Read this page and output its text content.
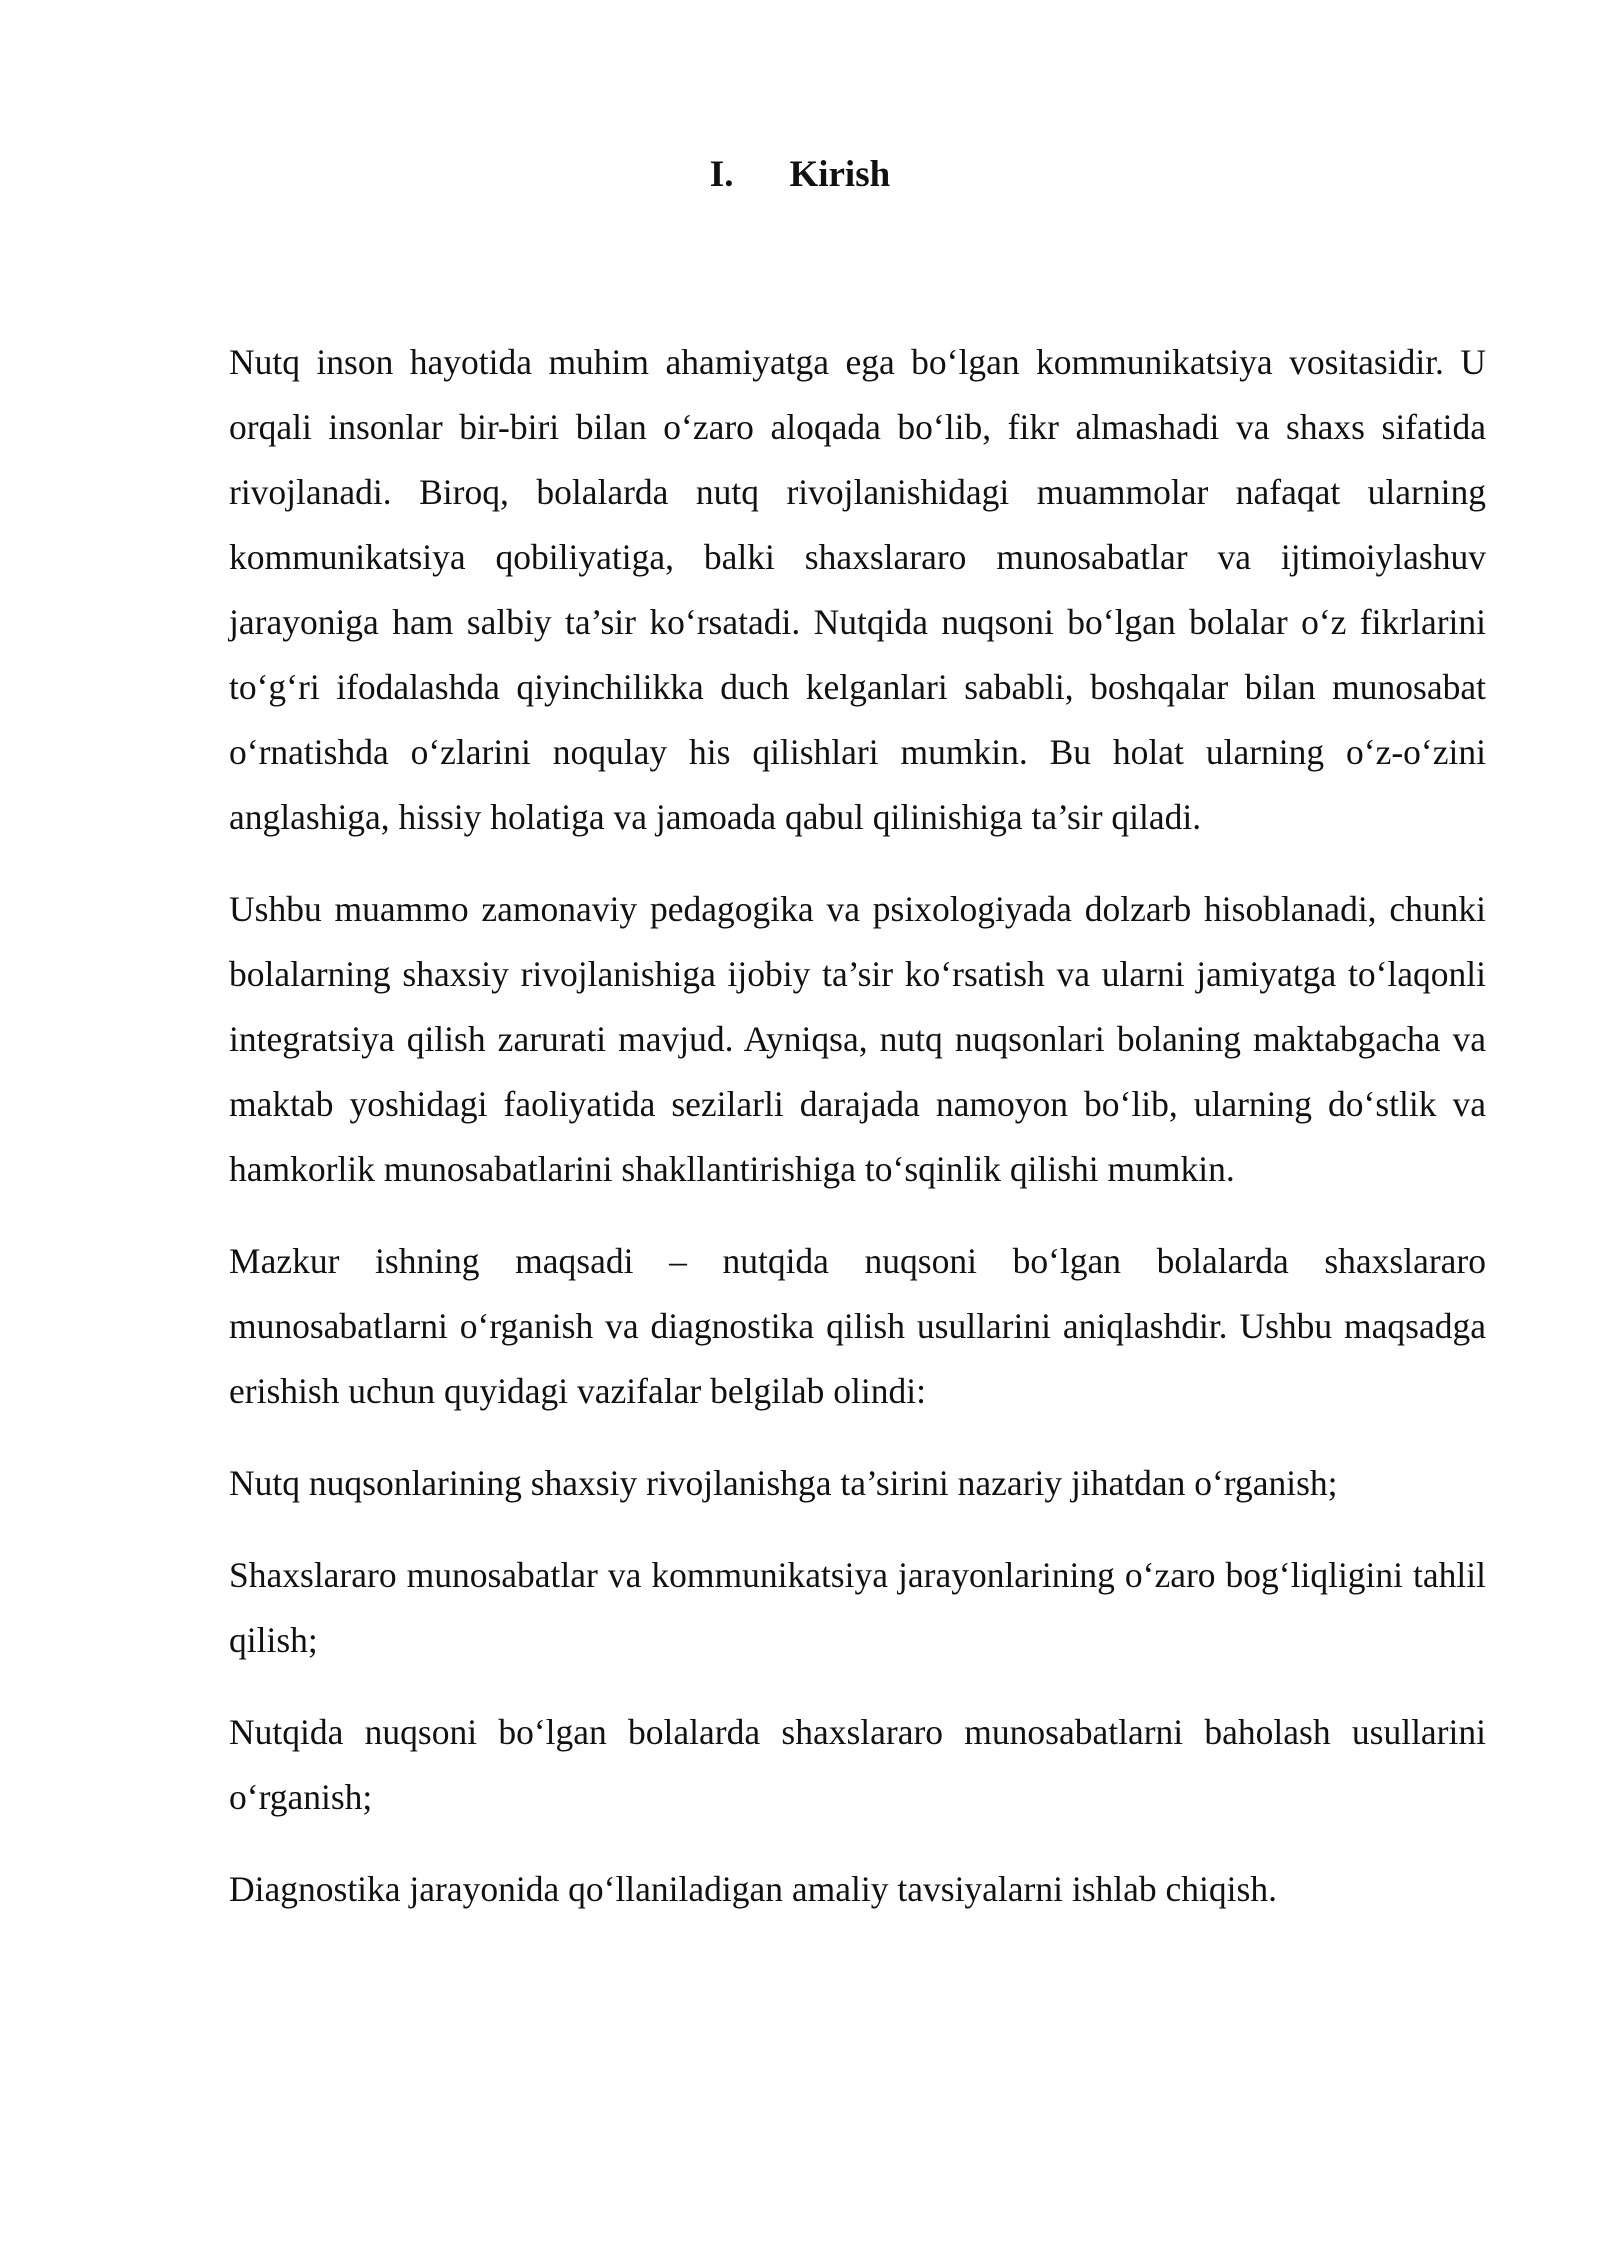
I. Kirish

Nutq inson hayotida muhim ahamiyatga ega bo‘lgan kommunikatsiya vositasidir. U orqali insonlar bir-biri bilan o‘zaro aloqada bo‘lib, fikr almashadi va shaxs sifatida rivojlanadi. Biroq, bolalarda nutq rivojlanishidagi muammolar nafaqat ularning kommunikatsiya qobiliyatiga, balki shaxslararo munosabatlar va ijtimoiylashuv jarayoniga ham salbiy ta’sir ko‘rsatadi. Nutqida nuqsoni bo‘lgan bolalar o‘z fikrlarini to‘g‘ri ifodalashda qiyinchilikka duch kelganlari sababli, boshqalar bilan munosabat o‘rnatishda o‘zlarini noqulay his qilishlari mumkin. Bu holat ularning o‘z-o‘zini anglashiga, hissiy holatiga va jamoada qabul qilinishiga ta’sir qiladi.

Ushbu muammo zamonaviy pedagogika va psixologiyada dolzarb hisoblanadi, chunki bolalarning shaxsiy rivojlanishiga ijobiy ta’sir ko‘rsatish va ularni jamiyatga to‘laqonli integratsiya qilish zarurati mavjud. Ayniqsa, nutq nuqsonlari bolaning maktabgacha va maktab yoshidagi faoliyatida sezilarli darajada namoyon bo‘lib, ularning do‘stlik va hamkorlik munosabatlarini shakllantirishiga to‘sqinlik qilishi mumkin.

Mazkur ishning maqsadi – nutqida nuqsoni bo‘lgan bolalarda shaxslararo munosabatlarni o‘rganish va diagnostika qilish usullarini aniqlashdir. Ushbu maqsadga erishish uchun quyidagi vazifalar belgilab olindi:

Nutq nuqsonlarining shaxsiy rivojlanishga ta’sirini nazariy jihatdan o‘rganish;

Shaxslararo munosabatlar va kommunikatsiya jarayonlarining o‘zaro bog‘liqligini tahlil qilish;

Nutqida nuqsoni bo‘lgan bolalarda shaxslararo munosabatlarni baholash usullarini o‘rganish;

Diagnostika jarayonida qo‘llaniladigan amaliy tavsiyalarni ishlab chiqish.
